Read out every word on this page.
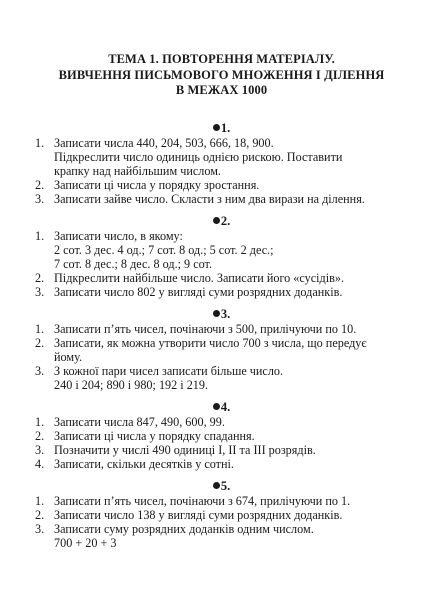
ТЕМА 1. ПОВТОРЕННЯ МАТЕРІАЛУ.
ВИВЧЕННЯ ПИСЬМОВОГО МНОЖЕННЯ І ДІЛЕННЯ
В МЕЖАХ 1000
1.
1. Записати числа 440, 204, 503, 666, 18, 900.
Підкреслити число одиниць однією рискою. Поставити
крапку над найбільшим числом.
2. Записати ці числа у порядку зростання.
3. Записати зайве число. Скласти з ним два вирази на ділення.
2.
1. Записати число, в якому:
2 сот. 3 дес. 4 од.; 7 сот. 8 од.; 5 сот. 2 дес.;
7 сот. 8 дес.; 8 дес. 8 од.; 9 сот.
2. Підкреслити найбільше число. Записати його «сусідів».
3. Записати число 802 у вигляді суми розрядних доданків.
3.
1. Записати п’ять чисел, почінаючи з 500, прилічуючи по 10.
2. Записати, як можна утворити число 700 з числа, що передує
йому.
3. З кожної пари чисел записати більше число.
240 і 204; 890 і 980; 192 і 219.
4.
1. Записати числа 847, 490, 600, 99.
2. Записати ці числа у порядку спадання.
3. Позначити у числі 490 одиниці I, II та III розрядів.
4. Записати, скільки десятків у сотні.
5.
1. Записати п’ять чисел, почінаючи з 674, прилічуючи по 1.
2. Записати число 138 у вигляді суми розрядних доданків.
3. Записати суму розрядних доданків одним числом.
700 + 20 + 3
